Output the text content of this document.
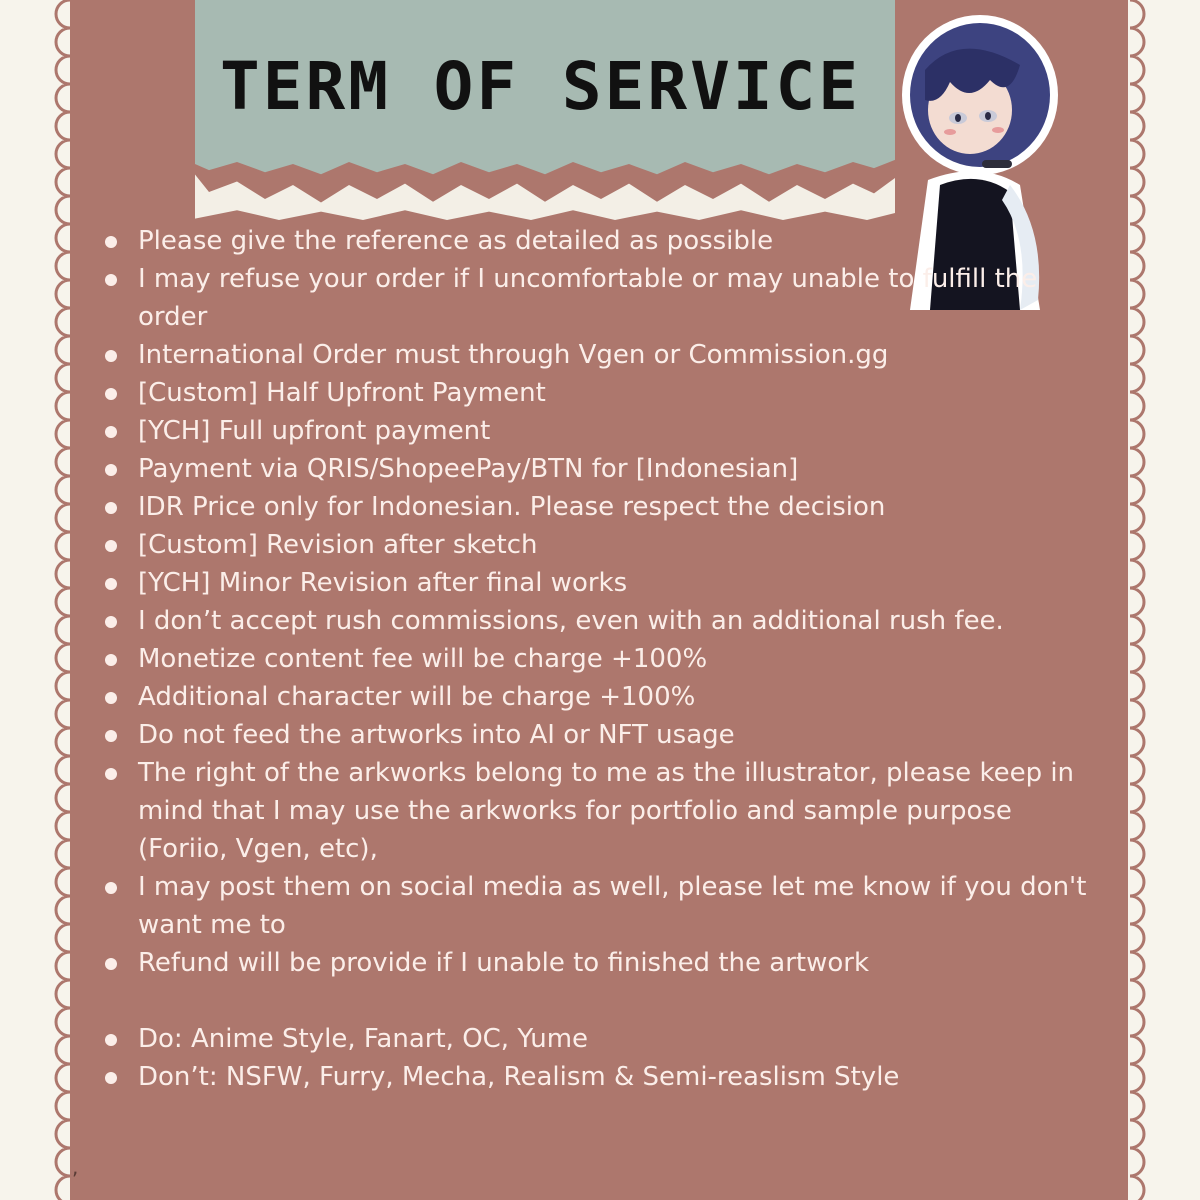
TERM OF SERVICE
Please give the reference as detailed as possible
I may refuse your order if I uncomfortable or may unable to fulfill the order
International Order must through Vgen or Commission.gg
[Custom] Half Upfront Payment
[YCH] Full upfront payment
Payment via QRIS/ShopeePay/BTN for [Indonesian]
IDR Price only for Indonesian. Please respect the decision
[Custom] Revision after sketch
[YCH] Minor Revision after final works
I don’t accept rush commissions, even with an additional rush fee.
Monetize content fee will be charge +100%
Additional character will be charge +100%
Do not feed the artworks into AI or NFT usage
The right of the arkworks belong to me as the illustrator, please keep in mind that I may use the arkworks for portfolio and sample purpose (Foriio, Vgen, etc),
I may post them on social media as well, please let me know if you don't want me to
Refund will be provide if I unable to finished the artwork
Do: Anime Style, Fanart, OC, Yume
Don’t: NSFW, Furry, Mecha, Realism & Semi-reaslism Style
,
